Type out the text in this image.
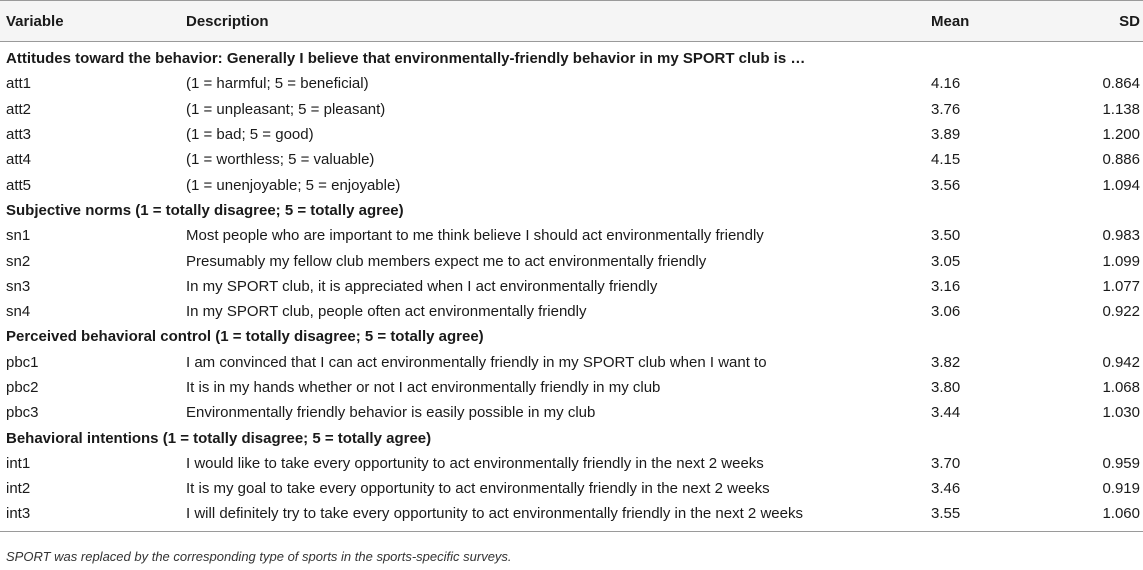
Variable	Description	Mean	SD
Attitudes toward the behavior: Generally I believe that environmentally-friendly behavior in my SPORT club is …			
att1	(1 = harmful; 5 = beneficial)	4.16	0.864
att2	(1 = unpleasant; 5 = pleasant)	3.76	1.138
att3	(1 = bad; 5 = good)	3.89	1.200
att4	(1 = worthless; 5 = valuable)	4.15	0.886
att5	(1 = unenjoyable; 5 = enjoyable)	3.56	1.094
Subjective norms (1 = totally disagree; 5 = totally agree)			
sn1	Most people who are important to me think believe I should act environmentally friendly	3.50	0.983
sn2	Presumably my fellow club members expect me to act environmentally friendly	3.05	1.099
sn3	In my SPORT club, it is appreciated when I act environmentally friendly	3.16	1.077
sn4	In my SPORT club, people often act environmentally friendly	3.06	0.922
Perceived behavioral control (1 = totally disagree; 5 = totally agree)			
pbc1	I am convinced that I can act environmentally friendly in my SPORT club when I want to	3.82	0.942
pbc2	It is in my hands whether or not I act environmentally friendly in my club	3.80	1.068
pbc3	Environmentally friendly behavior is easily possible in my club	3.44	1.030
Behavioral intentions (1 = totally disagree; 5 = totally agree)			
int1	I would like to take every opportunity to act environmentally friendly in the next 2 weeks	3.70	0.959
int2	It is my goal to take every opportunity to act environmentally friendly in the next 2 weeks	3.46	0.919
int3	I will definitely try to take every opportunity to act environmentally friendly in the next 2 weeks	3.55	1.060
SPORT was replaced by the corresponding type of sports in the sports-specific surveys.
